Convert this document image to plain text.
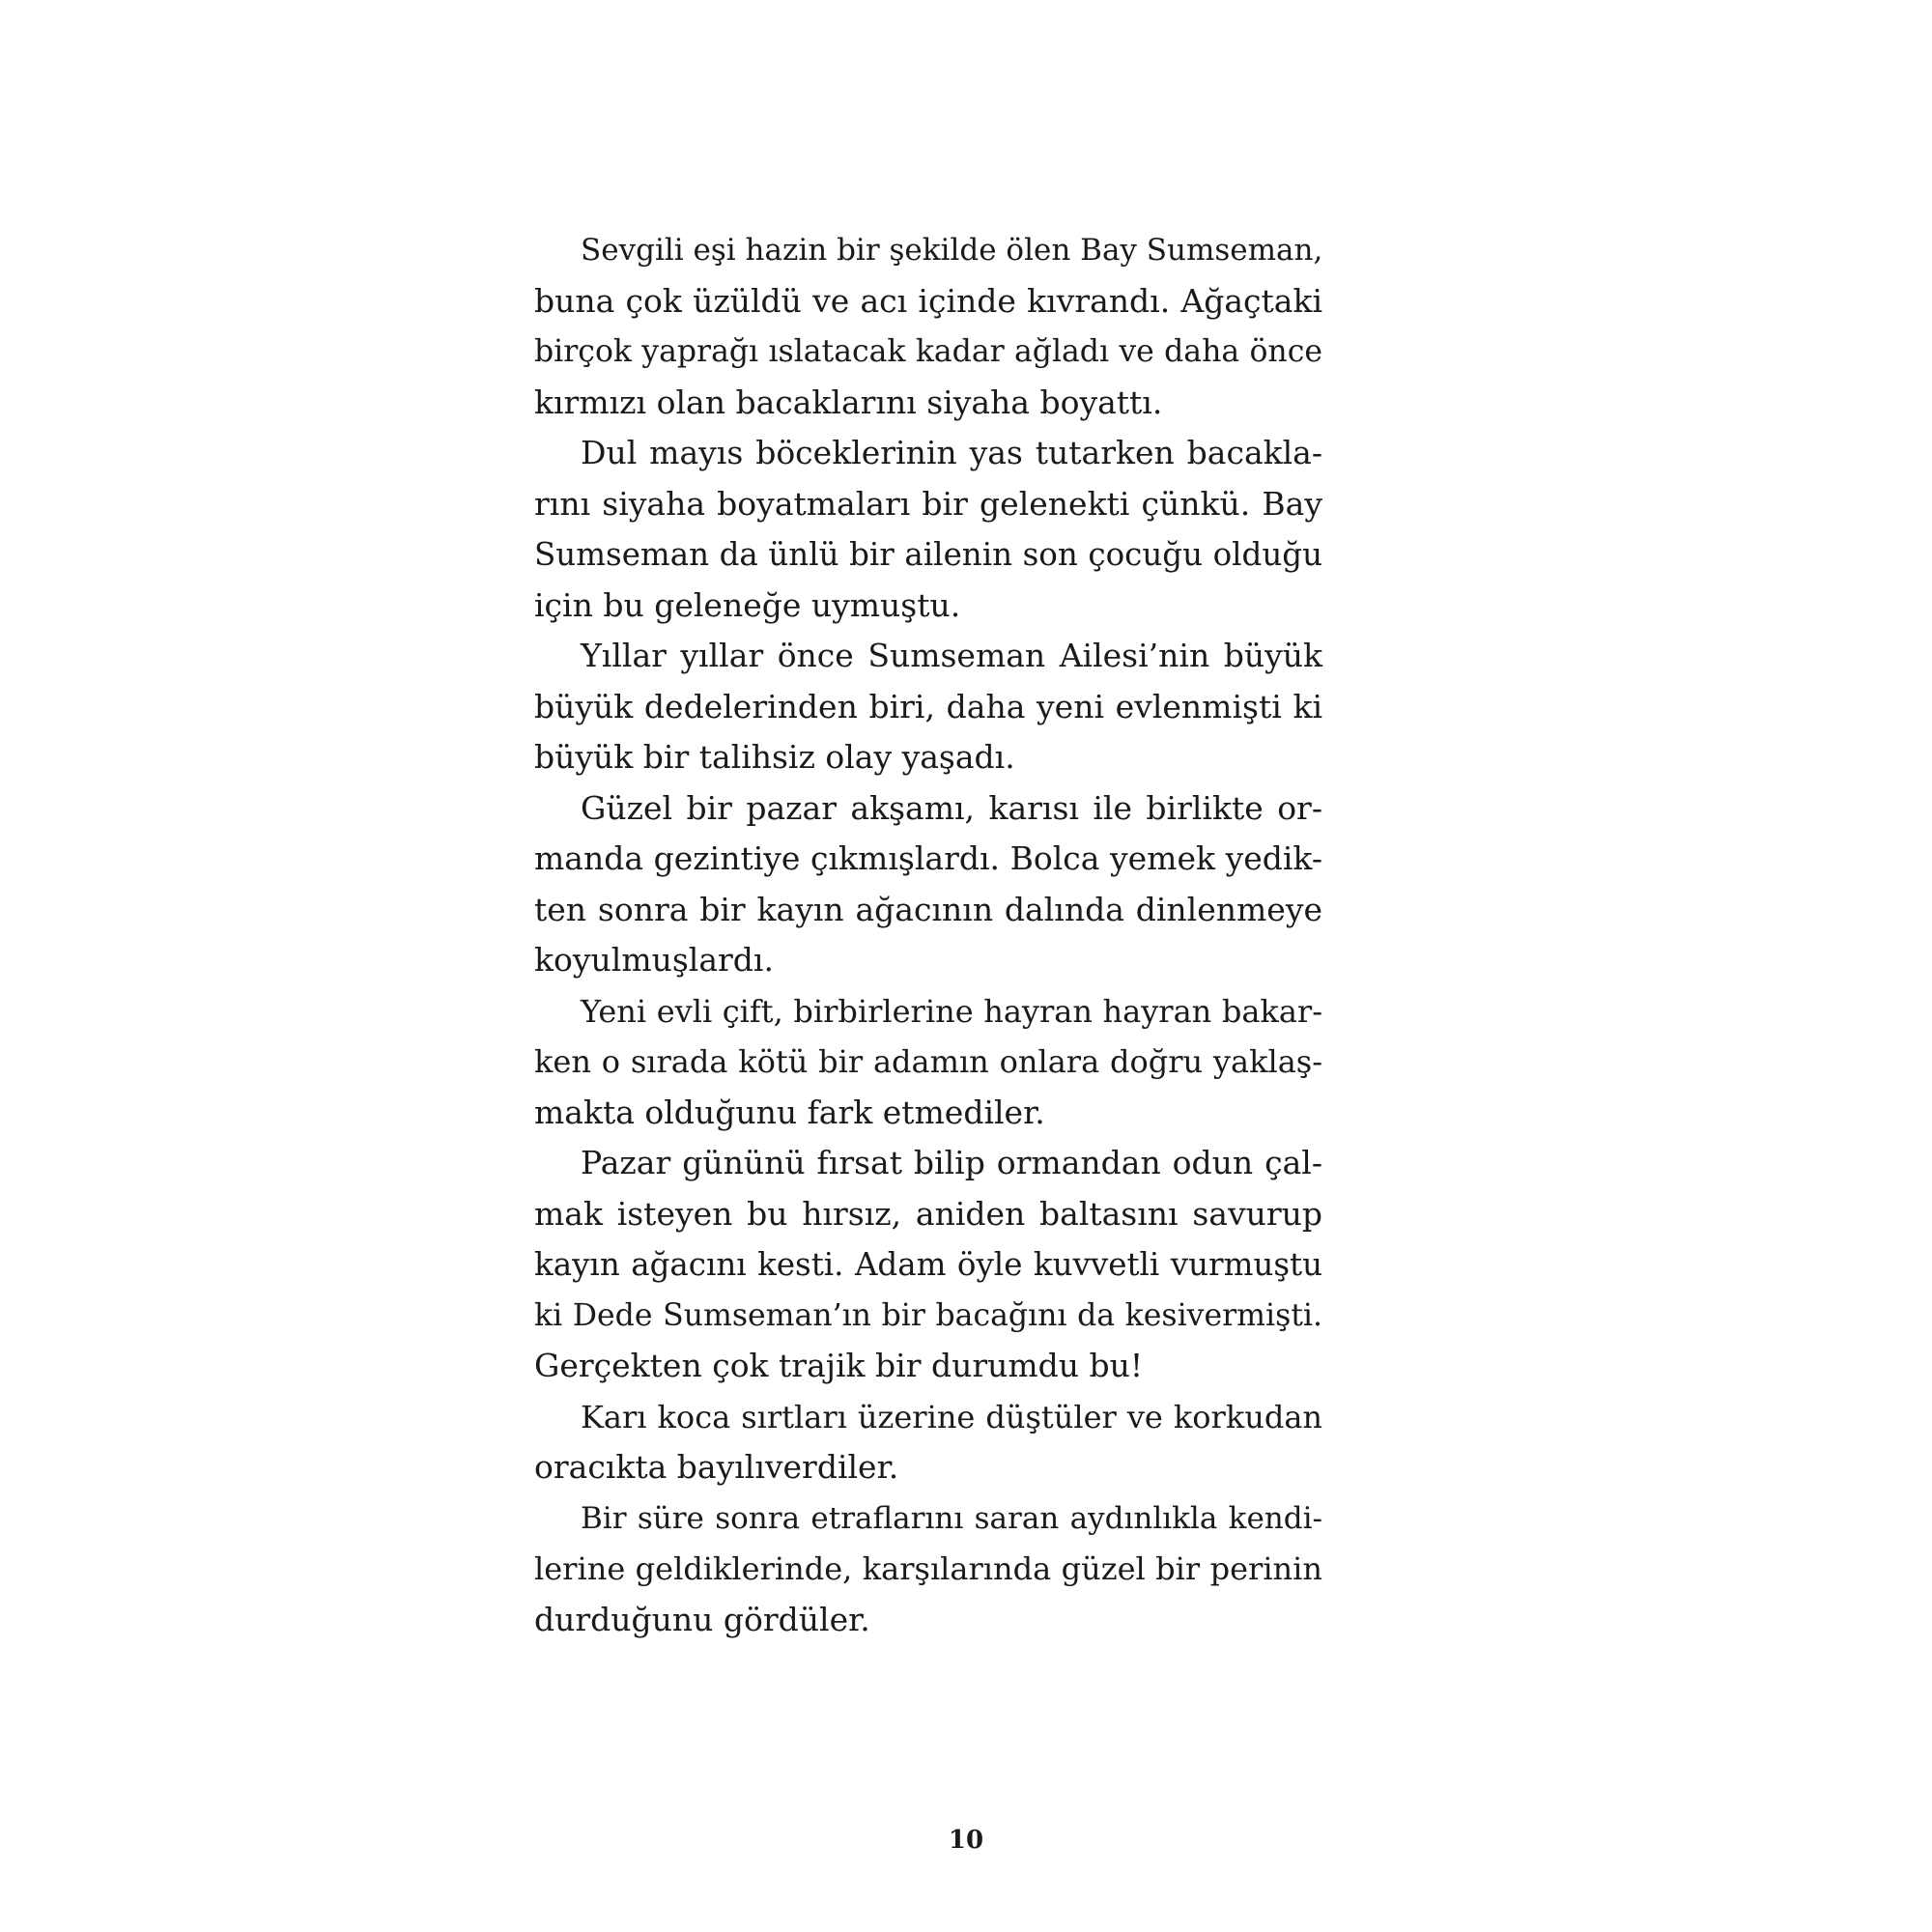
Sevgili eşi hazin bir şekilde ölen Bay Sumseman,
buna çok üzüldü ve acı içinde kıvrandı. Ağaçtaki
birçok yaprağı ıslatacak kadar ağladı ve daha önce
kırmızı olan bacaklarını siyaha boyattı.
Dul mayıs böceklerinin yas tutarken bacakla-
rını siyaha boyatmaları bir gelenekti çünkü. Bay
Sumseman da ünlü bir ailenin son çocuğu olduğu
için bu geleneğe uymuştu.
Yıllar yıllar önce Sumseman Ailesi’nin büyük
büyük dedelerinden biri, daha yeni evlenmişti ki
büyük bir talihsiz olay yaşadı.
Güzel bir pazar akşamı, karısı ile birlikte or-
manda gezintiye çıkmışlardı. Bolca yemek yedik-
ten sonra bir kayın ağacının dalında dinlenmeye
koyulmuşlardı.
Yeni evli çift, birbirlerine hayran hayran bakar-
ken o sırada kötü bir adamın onlara doğru yaklaş-
makta olduğunu fark etmediler.
Pazar gününü fırsat bilip ormandan odun çal-
mak isteyen bu hırsız, aniden baltasını savurup
kayın ağacını kesti. Adam öyle kuvvetli vurmuştu
ki Dede Sumseman’ın bir bacağını da kesivermişti.
Gerçekten çok trajik bir durumdu bu!
Karı koca sırtları üzerine düştüler ve korkudan
oracıkta bayılıverdiler.
Bir süre sonra etraflarını saran aydınlıkla kendi-
lerine geldiklerinde, karşılarında güzel bir perinin
durduğunu gördüler.
10
